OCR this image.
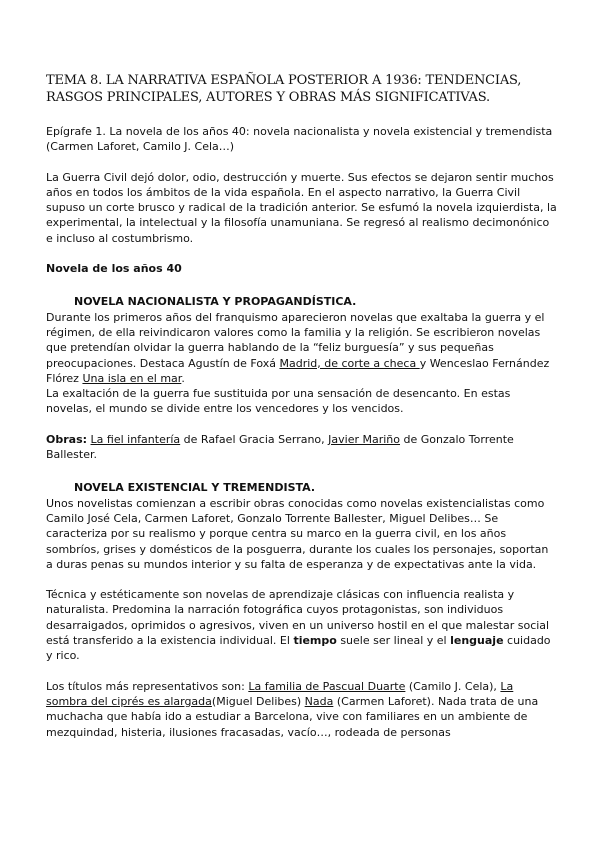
TEMA 8. LA NARRATIVA ESPAÑOLA POSTERIOR A 1936: TENDENCIAS, RASGOS PRINCIPALES, AUTORES Y OBRAS MÁS SIGNIFICATIVAS.

Epígrafe 1. La novela de los años 40: novela nacionalista y novela existencial y tremendista (Carmen Laforet, Camilo J. Cela…)

La Guerra Civil dejó dolor, odio, destrucción y muerte. Sus efectos se dejaron sentir muchos años en todos los ámbitos de la vida española. En el aspecto narrativo, la Guerra Civil supuso un corte brusco y radical de la tradición anterior. Se esfumó la novela izquierdista, la experimental, la intelectual y la filosofía unamuniana. Se regresó al realismo decimonónico e incluso al costumbrismo.

Novela de los años 40

NOVELA NACIONALISTA Y PROPAGANDÍSTICA.

Durante los primeros años del franquismo aparecieron novelas que exaltaba la guerra y el régimen, de ella reivindicaron valores como la familia y la religión. Se escribieron novelas que pretendían olvidar la guerra hablando de la “feliz burguesía” y sus pequeñas preocupaciones. Destaca Agustín de Foxá Madrid, de corte a checa y Wenceslao Fernández Flórez Una isla en el mar.

La exaltación de la guerra fue sustituida por una sensación de desencanto. En estas novelas, el mundo se divide entre los vencedores y los vencidos.

Obras: La fiel infantería de Rafael Gracia Serrano, Javier Mariño de Gonzalo Torrente Ballester.

NOVELA EXISTENCIAL Y TREMENDISTA.

Unos novelistas comienzan a escribir obras conocidas como novelas existencialistas como Camilo José Cela, Carmen Laforet, Gonzalo Torrente Ballester, Miguel Delibes… Se caracteriza por su realismo y porque centra su marco en la guerra civil, en los años sombríos, grises y domésticos de la posguerra, durante los cuales los personajes, soportan a duras penas su mundos interior y su falta de esperanza y de expectativas ante la vida.

Técnica y estéticamente son novelas de aprendizaje clásicas con influencia realista y naturalista. Predomina la narración fotográfica cuyos protagonistas, son individuos desarraigados, oprimidos o agresivos, viven en un universo hostil en el que malestar social está transferido a la existencia individual. El tiempo suele ser lineal y el lenguaje cuidado y rico.

Los títulos más representativos son: La familia de Pascual Duarte (Camilo J. Cela), La sombra del ciprés es alargada(Miguel Delibes) Nada (Carmen Laforet). Nada trata de una muchacha que había ido a estudiar a Barcelona, vive con familiares en un ambiente de mezquindad, histeria, ilusiones fracasadas, vacío…, rodeada de personas
